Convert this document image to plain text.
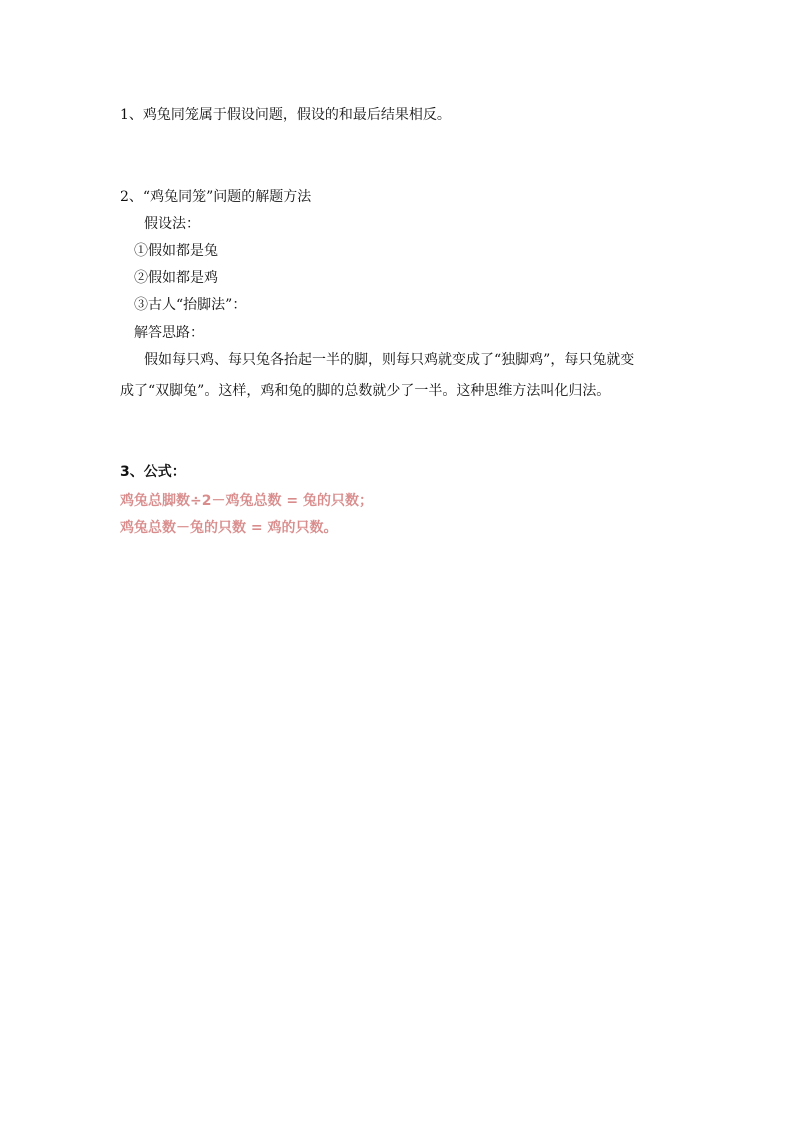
1、鸡兔同笼属于假设问题，假设的和最后结果相反。
2、“鸡兔同笼”问题的解题方法
假设法：
①假如都是兔
②假如都是鸡
③古人“抬脚法”：
解答思路：
假如每只鸡、每只兔各抬起一半的脚，则每只鸡就变成了“独脚鸡”，每只兔就变
成了“双脚兔”。这样，鸡和兔的脚的总数就少了一半。这种思维方法叫化归法。
3、公式：
鸡兔总脚数÷2－鸡兔总数 = 兔的只数；
鸡兔总数－兔的只数 = 鸡的只数。
